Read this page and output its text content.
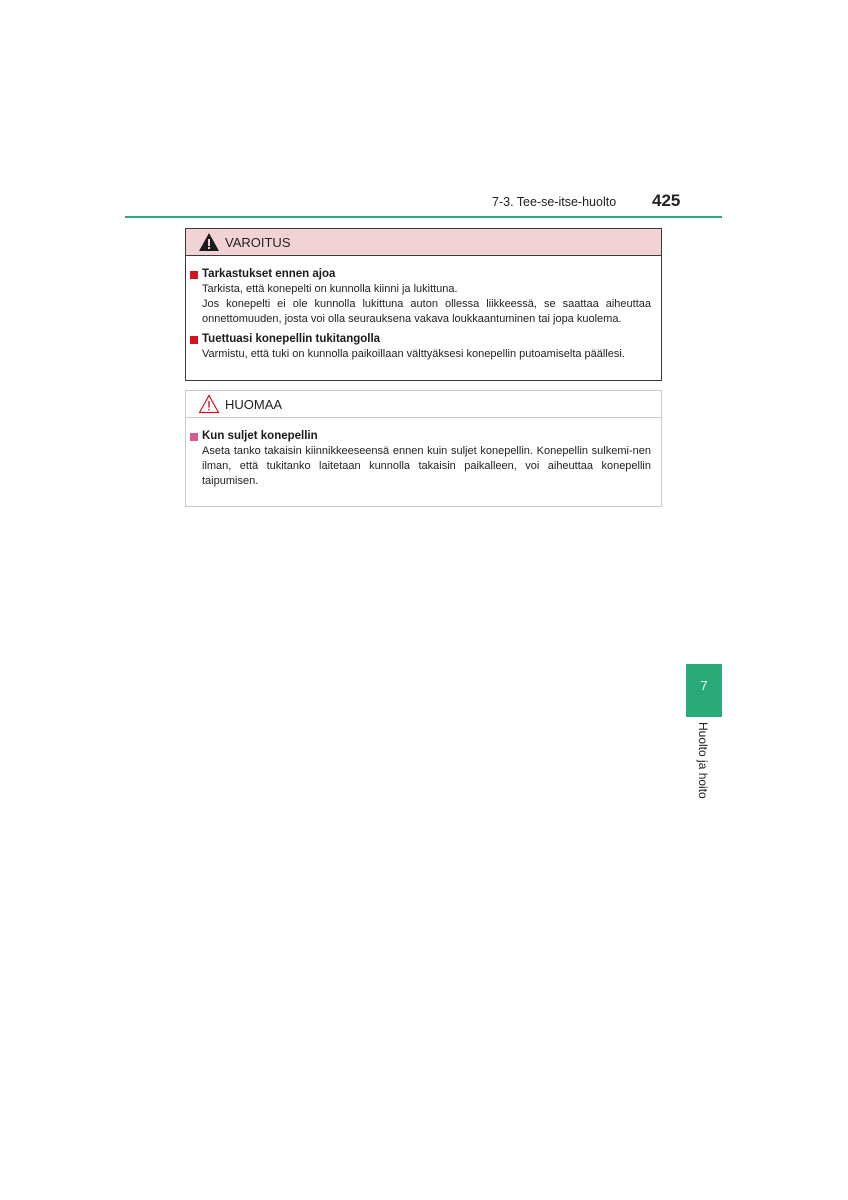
7-3. Tee-se-itse-huolto 425
VAROITUS
Tarkastukset ennen ajoa

Tarkista, että konepelti on kunnolla kiinni ja lukittuna.

Jos konepelti ei ole kunnolla lukittuna auton ollessa liikkeessä, se saattaa aiheuttaa onnettomuuden, josta voi olla seurauksena vakava loukkaantuminen tai jopa kuolema.

Tuettuasi konepellin tukitangolla

Varmistu, että tuki on kunnolla paikoillaan välttyäksesi konepellin putoamiselta päällesi.

HUOMAA
Kun suljet konepellin

Aseta tanko takaisin kiinnikkeeseensä ennen kuin suljet konepellin. Konepellin sulkemi-nen ilman, että tukitanko laitetaan kunnolla takaisin paikalleen, voi aiheuttaa konepellin taipumisen.

7
Huolto ja hoito
